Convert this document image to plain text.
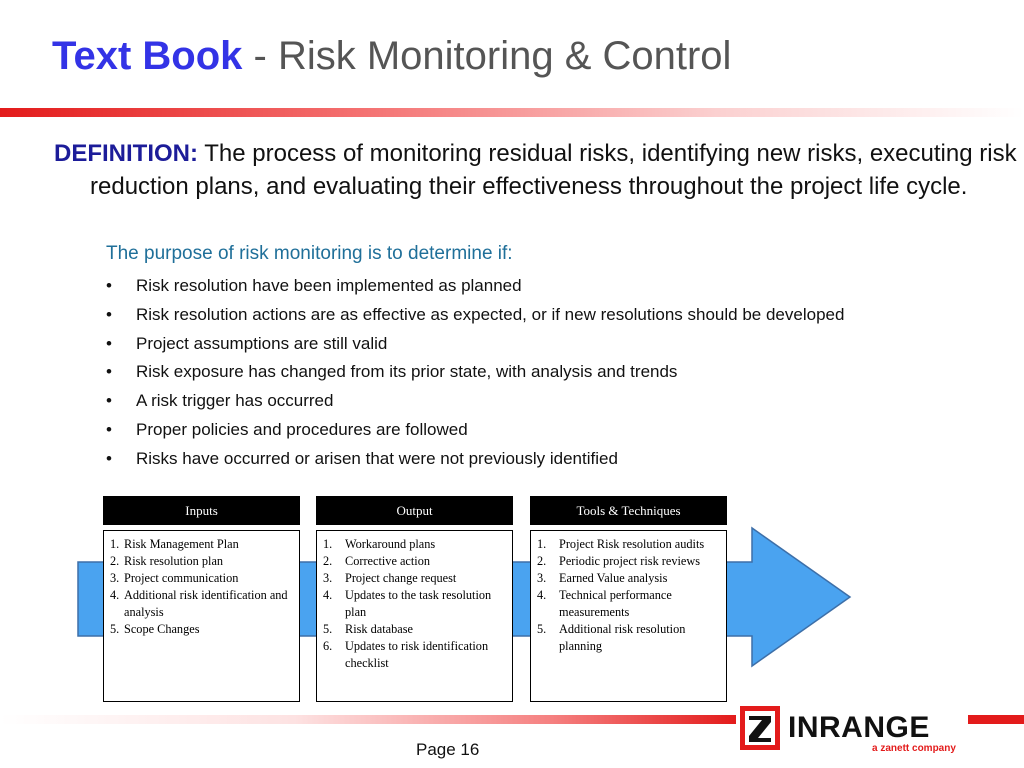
Text Book - Risk Monitoring & Control
DEFINITION: The process of monitoring residual risks, identifying new risks, executing risk reduction plans, and evaluating their effectiveness throughout the project life cycle.
The purpose of risk monitoring is to determine if:
• Risk resolution have been implemented as planned
• Risk resolution actions are as effective as expected, or if new resolutions should be developed
• Project assumptions are still valid
• Risk exposure has changed from its prior state, with analysis and trends
• A risk trigger has occurred
• Proper policies and procedures are followed
• Risks have occurred or arisen that were not previously identified
Inputs
1. Risk Management Plan
2. Risk resolution plan
3. Project communication
4. Additional risk identification and analysis
5. Scope Changes
Output
1. Workaround plans
2. Corrective action
3. Project change request
4. Updates to the task resolution plan
5. Risk database
6. Updates to risk identification checklist
Tools & Techniques
1. Project Risk resolution audits
2. Periodic project risk reviews
3. Earned Value analysis
4. Technical performance measurements
5. Additional risk resolution planning
Page 16
INRANGE
a zanett company
